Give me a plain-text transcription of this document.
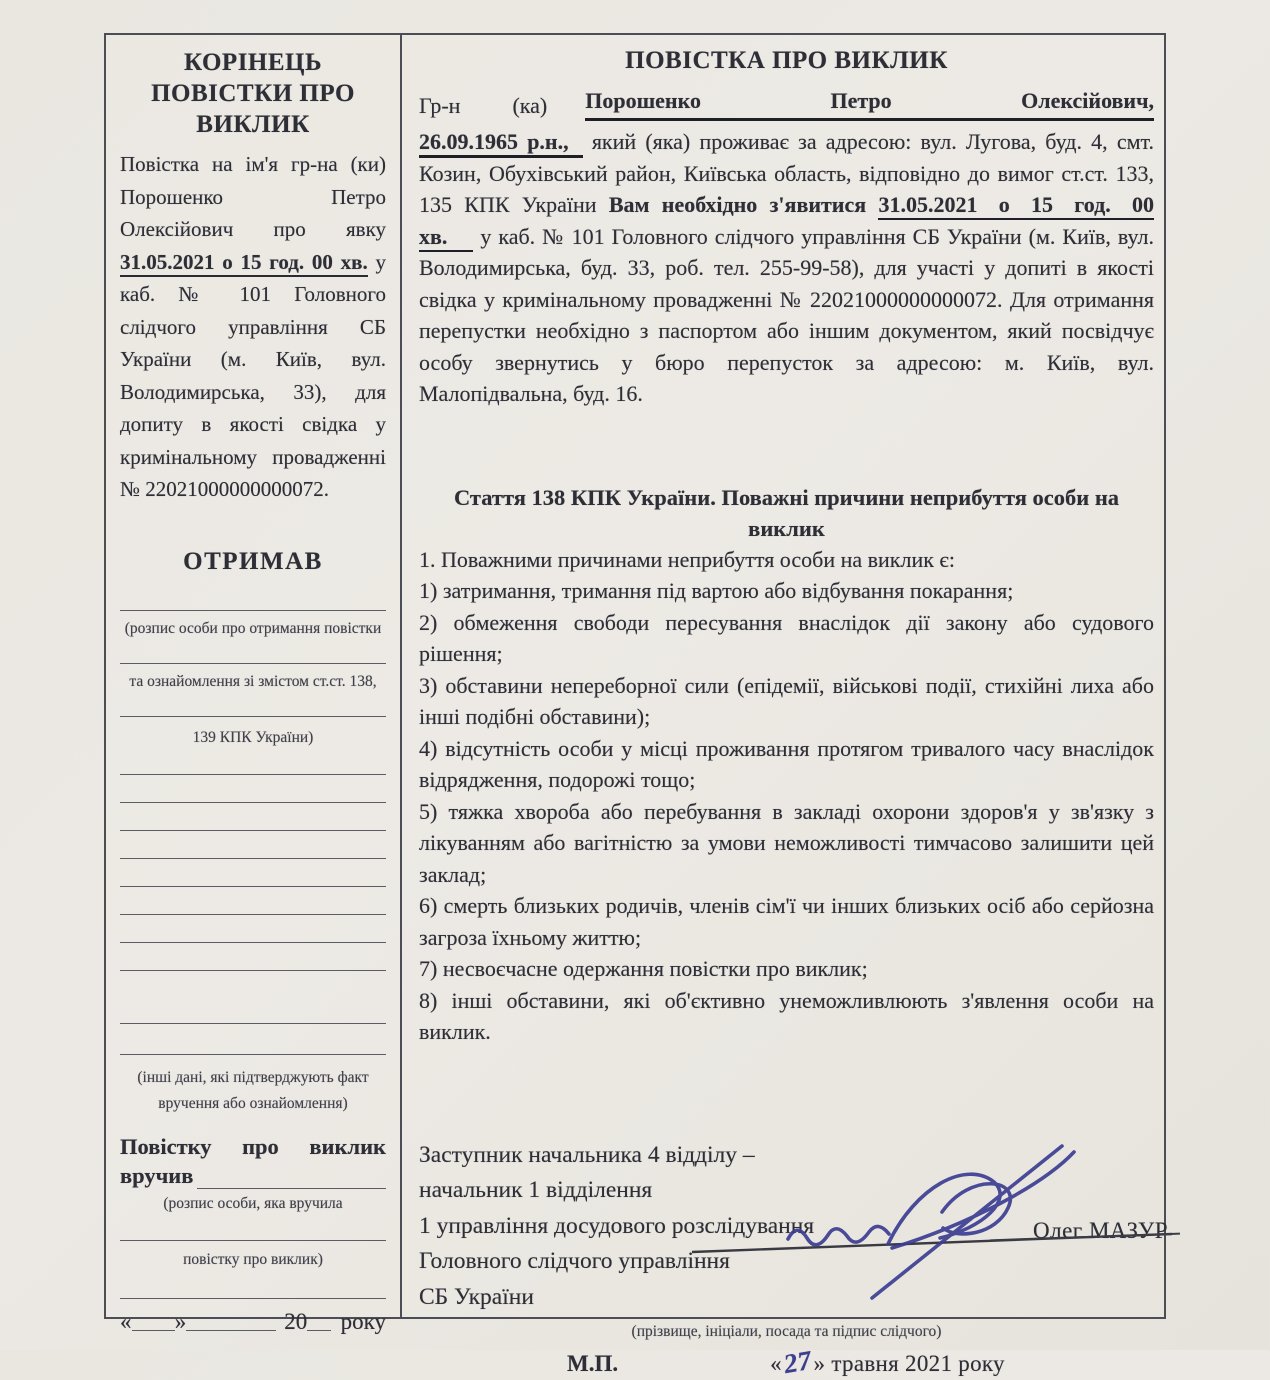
КОРІНЕЦЬ ПОВІСТКИ ПРО ВИКЛИК

Повістка на ім'я гр-на (ки) Порошенко Петро Олексійович про явку 31.05.2021 о 15 год. 00 хв. у каб. № 101 Головного слідчого управління СБ України (м. Київ, вул. Володимирська, 33), для допиту в якості свідка у кримінальному провадженні № 22021000000000072.

ОТРИМАВ
(розпис особи про отримання повістки
та ознайомлення зі змістом ст.ст. 138,
139 КПК України)
(інші дані, які підтверджують факт
вручення або ознайомлення)
Повістку про виклик
вручив
(розпис особи, яка вручила
повістку про виклик)
« »	20 року
ПОВІСТКА ПРО ВИКЛИК
Гр-н (ка) Порошенко Петро Олексійович,

26.09.1965 р.н., який (яка) проживає за адресою: вул. Лугова, буд. 4, смт. Козин, Обухівський район, Київська область, відповідно до вимог ст.ст. 133, 135 КПК України Вам необхідно з'явитися 31.05.2021 о 15 год. 00 хв. у каб. № 101 Головного слідчого управління СБ України (м. Київ, вул. Володимирська, буд. 33, роб. тел. 255-99-58), для участі у допиті в якості свідка у кримінальному провадженні № 22021000000000072. Для отримання перепустки необхідно з паспортом або іншим документом, який посвідчує особу звернутись у бюро перепусток за адресою: м. Київ, вул. Малопідвальна, буд. 16.

Стаття 138 КПК України. Поважні причини неприбуття особи на виклик
1. Поважними причинами неприбуття особи на виклик є:
1) затримання, тримання під вартою або відбування покарання;
2) обмеження свободи пересування внаслідок дії закону або судового рішення;
3) обставини непереборної сили (епідемії, військові події, стихійні лиха або інші подібні обставини);
4) відсутність особи у місці проживання протягом тривалого часу внаслідок відрядження, подорожі тощо;
5) тяжка хвороба або перебування в закладі охорони здоров'я у зв'язку з лікуванням або вагітністю за умови неможливості тимчасово залишити цей заклад;
6) смерть близьких родичів, членів сім'ї чи інших близьких осіб або серйозна загроза їхньому життю;
7) несвоєчасне одержання повістки про виклик;
8) інші обставини, які об'єктивно унеможливлюють з'явлення особи на виклик.
Заступник начальника 4 відділу –
начальник 1 відділення
1 управління досудового розслідування
Головного слідчого управління
СБ України
(прізвище, ініціали, посада та підпис слідчого)
М.П.	«27» травня 2021 року
Олег МАЗУР
